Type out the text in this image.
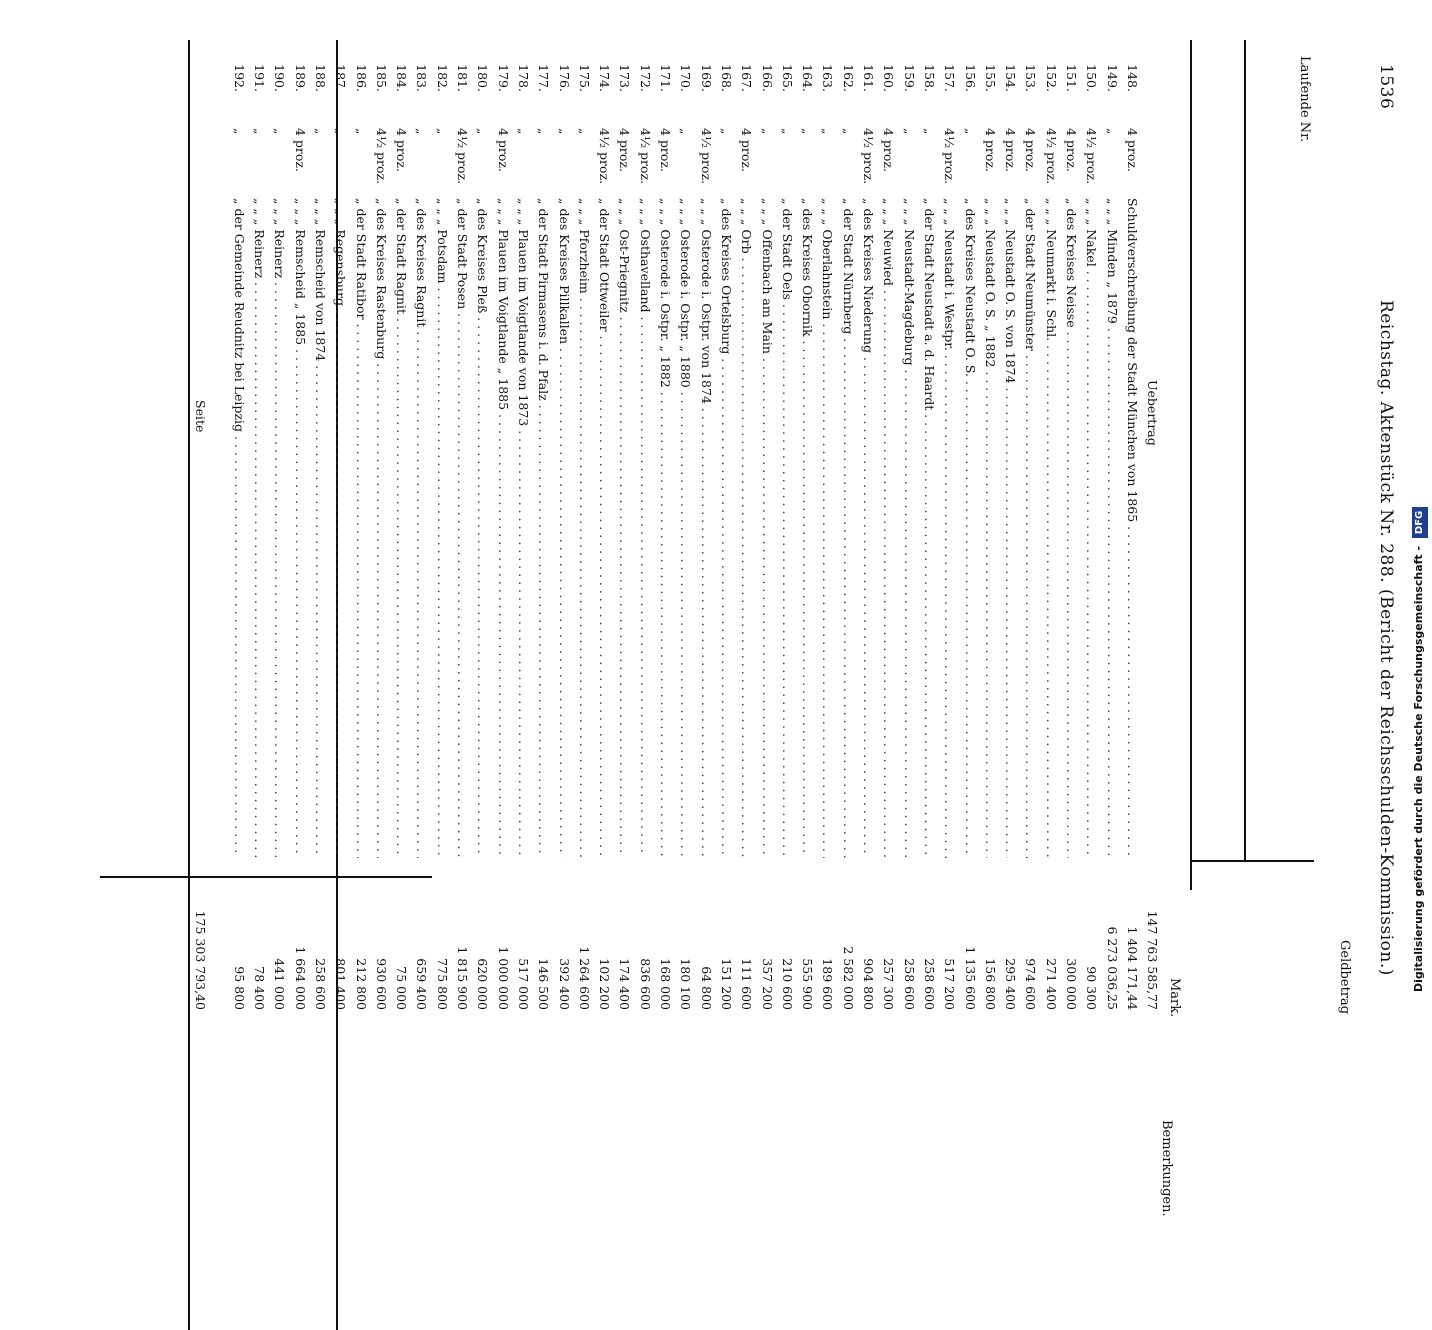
1536
Reichstag. Aktenstück Nr. 288. (Bericht der Reichsschulden-Kommission.)
Laufende Nr.
Geldbetrag
Mark.
Bemerkungen.
Uebertrag
147 763 585,77
148.
4 proz.
Schuldverschreibung der Stadt München von 1865 . . .
1 404 171,44
149.
„
„ „ „ Minden „ 1879 . . .
6 273 036,25
150.
4½ proz.
„ „ „ Nakel . . .
90 300
151.
4 proz.
„ des Kreises Neisse . . .
300 000
152.
4½ proz.
„ „ „ Neumarkt i. Schl. . . .
271 400
153.
4 proz.
„ der Stadt Neumünster . . .
974 600
154.
4 proz.
„ „ „ Neustadt O. S. von 1874 . . .
295 400
155.
4 proz.
„ „ „ Neustadt O. S. „ 1882 . . .
156 800
156.
„
„ des Kreises Neustadt O. S. . . .
1 135 600
157.
4½ proz.
„ „ „ Neustadt i. Westpr. . . .
517 200
158.
„
„ der Stadt Neustadt a. d. Haardt . . .
258 600
159.
„
„ „ „ Neustadt-Magdeburg . . .
258 600
160.
4 proz.
„ „ „ Neuwied . . .
257 300
161.
4½ proz.
„ des Kreises Niederung . . .
904 800
162.
„
„ der Stadt Nürnberg . . .
2 582 000
163.
„
„ „ „ Oberlahnstein . . .
189 600
164.
„
„ des Kreises Obornik . . .
555 900
165.
„
„ der Stadt Oels . . .
210 600
166.
„
„ „ „ Offenbach am Main . . .
357 200
167.
4 proz.
„ „ „ Orb . . .
111 600
168.
„
„ des Kreises Ortelsburg . . .
151 200
169.
4½ proz.
„ „ „ Osterode i. Ostpr. von 1874 . . .
64 800
170.
„
„ „ „ Osterode i. Ostpr. „ 1880 . . .
180 100
171.
4 proz.
„ „ „ Osterode i. Ostpr. „ 1882 . . .
168 000
172.
4½ proz.
„ „ „ Osthavelland . . .
836 600
173.
4 proz.
„ „ „ Ost-Priegnitz . . .
174 400
174.
4½ proz.
„ der Stadt Ottweiler . . .
102 200
175.
„
„ „ „ Pforzheim . . .
1 264 600
176.
„
„ des Kreises Pillkallen . . .
392 400
177.
„
„ der Stadt Pirmasens i. d. Pfalz . . .
146 500
178.
„
„ „ „ Plauen im Voigtlande von 1873 . . .
517 000
179.
4 proz.
„ „ „ Plauen im Voigtlande „ 1885 . . .
1 000 000
180.
„
„ des Kreises Pleß . . .
620 000
181.
4½ proz.
„ der Stadt Posen . . .
1 815 900
182.
„
„ „ „ Potsdam . . .
775 800
183.
„
„ des Kreises Ragnit . . .
659 400
184.
4 proz.
„ der Stadt Ragnit . . .
75 000
185.
4½ proz.
„ des Kreises Rastenburg . . .
930 600
186.
„
„ der Stadt Ratibor . . .
212 800
187.
„
„ „ „ Regensburg . . .
801 400
188.
„
„ „ „ Remscheid von 1874 . . .
258 600
189.
4 proz.
„ „ „ Remscheid „ 1885 . . .
1 664 000
190.
„
„ „ „ Reinerz . . .
441 000
191.
„
„ „ „ Reinerz . . .
78 400
192.
„
„ der Gemeinde Reudnitz bei Leipzig . . .
95 800
Seite
175 303 793,40	Digitalisierung gefördert durch die Deutsche Forschungsgemeinschaft - DFG
